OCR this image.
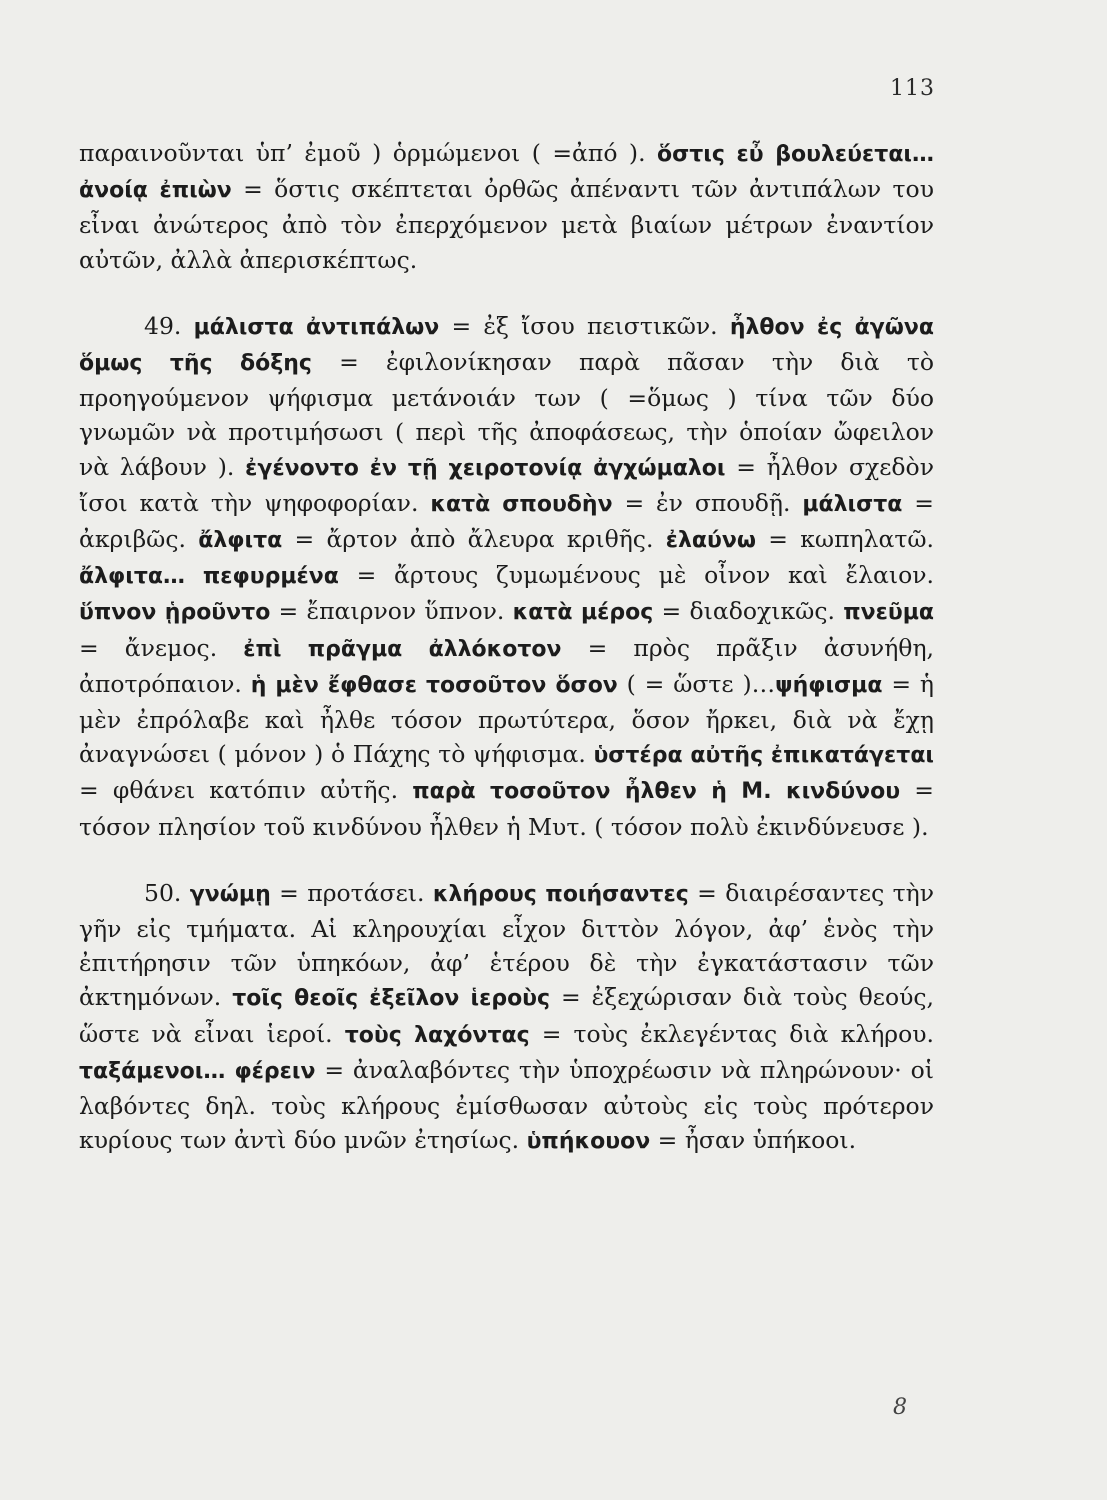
113

παραινοῦνται ὑπ’ ἐμοῦ ) ὁρμώμενοι ( =ἀπό ). ὅστις εὖ βουλεύεται… ἀνοίᾳ ἐπιὼν = ὅστις σκέπτεται ὀρθῶς ἀπέναντι τῶν ἀντιπάλων του εἶναι ἀνώτερος ἀπὸ τὸν ἐπερχόμενον μετὰ βιαίων μέτρων ἐναντίον αὐτῶν, ἀλλὰ ἀπερισκέπτως.

49. μάλιστα ἀντιπάλων = ἐξ ἴσου πειστικῶν. ἦλθον ἐς ἀγῶνα ὅμως τῆς δόξης = ἐφιλονίκησαν παρὰ πᾶσαν τὴν διὰ τὸ προηγούμενον ψήφισμα μετάνοιάν των ( =ὅμως ) τίνα τῶν δύο γνωμῶν νὰ προτιμήσωσι ( περὶ τῆς ἀποφάσεως, τὴν ὁποίαν ὤφειλον νὰ λάβουν ). ἐγένοντο ἐν τῇ χειροτονίᾳ ἀγχώμαλοι = ἦλθον σχεδὸν ἴσοι κατὰ τὴν ψηφοφορίαν. κατὰ σπουδὴν = ἐν σπουδῇ. μάλιστα = ἀκριβῶς. ἄλφιτα = ἄρτον ἀπὸ ἄλευρα κριθῆς. ἐλαύνω = κωπηλατῶ. ἄλφιτα… πεφυρμένα = ἄρτους ζυμωμένους μὲ οἶνον καὶ ἔλαιον. ὕπνον ᾑροῦντο = ἔπαιρνον ὕπνον. κατὰ μέρος = διαδοχικῶς. πνεῦμα = ἄνεμος. ἐπὶ πρᾶγμα ἀλλόκοτον = πρὸς πρᾶξιν ἀσυνήθη, ἀποτρόπαιον. ἡ μὲν ἔφθασε τοσοῦτον ὅσον ( = ὥστε )…ψήφισμα = ἡ μὲν ἐπρόλαβε καὶ ἦλθε τόσον πρωτύτερα, ὅσον ἤρκει, διὰ νὰ ἔχῃ ἀναγνώσει ( μόνον ) ὁ Πάχης τὸ ψήφισμα. ὑστέρα αὐτῆς ἐπικατάγεται = φθάνει κατόπιν αὐτῆς. παρὰ τοσοῦτον ἦλθεν ἡ Μ. κινδύνου = τόσον πλησίον τοῦ κινδύνου ἦλθεν ἡ Μυτ. ( τόσον πολὺ ἐκινδύνευσε ).

50. γνώμῃ = προτάσει. κλήρους ποιήσαντες = διαιρέσαντες τὴν γῆν εἰς τμήματα. Αἱ κληρουχίαι εἶχον διττὸν λόγον, ἀφ’ ἑνὸς τὴν ἐπιτήρησιν τῶν ὑπηκόων, ἀφ’ ἑτέρου δὲ τὴν ἐγκατάστασιν τῶν ἀκτημόνων. τοῖς θεοῖς ἐξεῖλον ἱεροὺς = ἐξεχώρισαν διὰ τοὺς θεούς, ὥστε νὰ εἶναι ἱεροί. τοὺς λαχόντας = τοὺς ἐκλεγέντας διὰ κλήρου. ταξάμενοι… φέρειν = ἀναλαβόντες τὴν ὑποχρέωσιν νὰ πληρώνουν· οἱ λαβόντες δηλ. τοὺς κλήρους ἐμίσθωσαν αὐτοὺς εἰς τοὺς πρότερον κυρίους των ἀντὶ δύο μνῶν ἐτησίως. ὑπήκουον = ἦσαν ὑπήκοοι.

8
